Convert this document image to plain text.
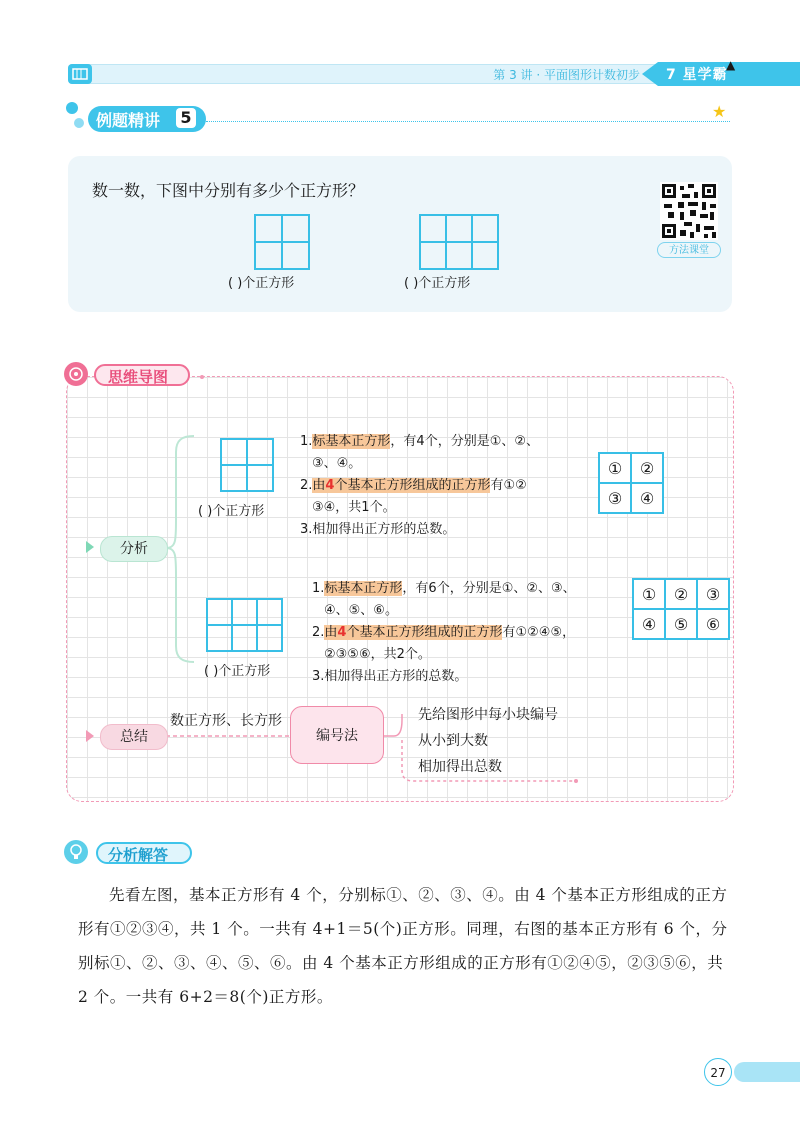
第 3 讲 · 平面图形计数初步 7 星学霸
▲
例题精讲 5	★
数一数，下图中分别有多少个正方形？

( )个正方形

			( )个正方形
方法课堂
思维导图
分析

( )个正方形
1.标基本正方形，有4个，分别是①、②、
③、④。
2.由4个基本正方形组成的正方形有①②
③④，共1个。
3.相加得出正方形的总数。
①	②
③	④

( )个正方形
1.标基本正方形，有6个，分别是①、②、③、
④、⑤、⑥。
2.由4个基本正方形组成的正方形有①②④⑤，
②③⑤⑥，共2个。
3.相加得出正方形的总数。
①	②	③
④	⑤	⑥
总结
数正方形、长方形
编号法
先给图形中每小块编号
从小到大数
相加得出总数
分析解答
先看左图，基本正方形有 4 个，分别标①、②、③、④。由 4 个基本正方形组成的正方形有①②③④，共 1 个。一共有 4+1＝5(个)正方形。同理，右图的基本正方形有 6 个，分别标①、②、③、④、⑤、⑥。由 4 个基本正方形组成的正方形有①②④⑤，②③⑤⑥，共 2 个。一共有 6+2＝8(个)正方形。
27
